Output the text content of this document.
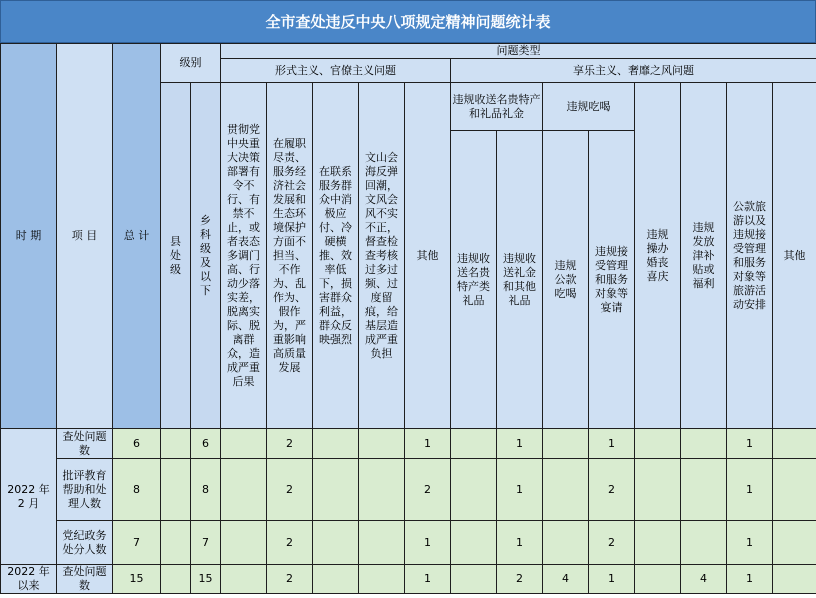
全市查处违反中央八项规定精神问题统计表
时 期	项 目	总 计	级别		问题类型												
					形式主义、官僚主义问题					享乐主义、奢靡之风问题							
			县处级	乡科级及以下	贯彻党中央重大决策部署有令不行、有禁不止，或者表态多调门高、行动少落实差，脱离实际、脱离群众，造成严重后果	在履职尽责、服务经济社会发展和生态环境保护方面不担当、不作为、乱作为、假作为，严重影响高质量发展	在联系服务群众中消极应付、冷硬横推、效率低下，损害群众利益，群众反映强烈	文山会海反弹回潮，文风会风不实不正，督查检查考核过多过频、过度留痕，给基层造成严重负担	其他	违规收送名贵特产和礼品礼金		违规吃喝		违规操办婚丧喜庆	违规发放津补贴或福利	公款旅游以及违规接受管理和服务对象等旅游活动安排	其他
										违规收送名贵特产类礼品	违规收送礼金和其他礼品	违规公款吃喝	违规接受管理和服务对象等宴请				
2022 年 2 月	查处问题数	6		6		2			1		1		1			1	
	批评教育帮助和处理人数	8		8		2			2		1		2			1	
	党纪政务处分人数	7		7		2			1		1		2			1	
2022 年以来	查处问题数	15		15		2			1		2	4	1		4	1	
